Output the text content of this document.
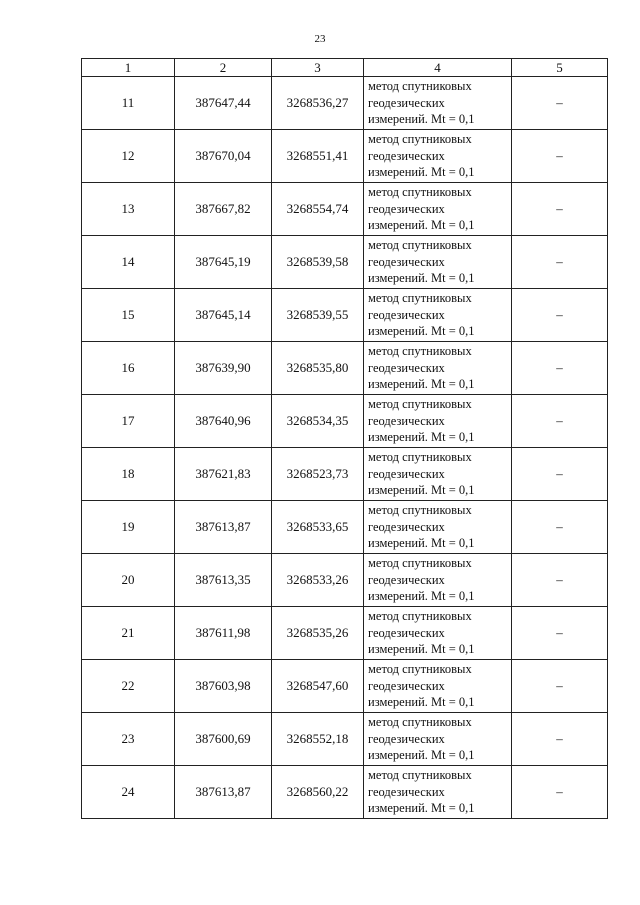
23
1	2	3	4	5
11	387647,44	3268536,27	метод спутниковых
геодезических
измерений. Mt = 0,1	–
12	387670,04	3268551,41	метод спутниковых
геодезических
измерений. Mt = 0,1	–
13	387667,82	3268554,74	метод спутниковых
геодезических
измерений. Mt = 0,1	–
14	387645,19	3268539,58	метод спутниковых
геодезических
измерений. Mt = 0,1	–
15	387645,14	3268539,55	метод спутниковых
геодезических
измерений. Mt = 0,1	–
16	387639,90	3268535,80	метод спутниковых
геодезических
измерений. Mt = 0,1	–
17	387640,96	3268534,35	метод спутниковых
геодезических
измерений. Mt = 0,1	–
18	387621,83	3268523,73	метод спутниковых
геодезических
измерений. Mt = 0,1	–
19	387613,87	3268533,65	метод спутниковых
геодезических
измерений. Mt = 0,1	–
20	387613,35	3268533,26	метод спутниковых
геодезических
измерений. Mt = 0,1	–
21	387611,98	3268535,26	метод спутниковых
геодезических
измерений. Mt = 0,1	–
22	387603,98	3268547,60	метод спутниковых
геодезических
измерений. Mt = 0,1	–
23	387600,69	3268552,18	метод спутниковых
геодезических
измерений. Mt = 0,1	–
24	387613,87	3268560,22	метод спутниковых
геодезических
измерений. Mt = 0,1	–
